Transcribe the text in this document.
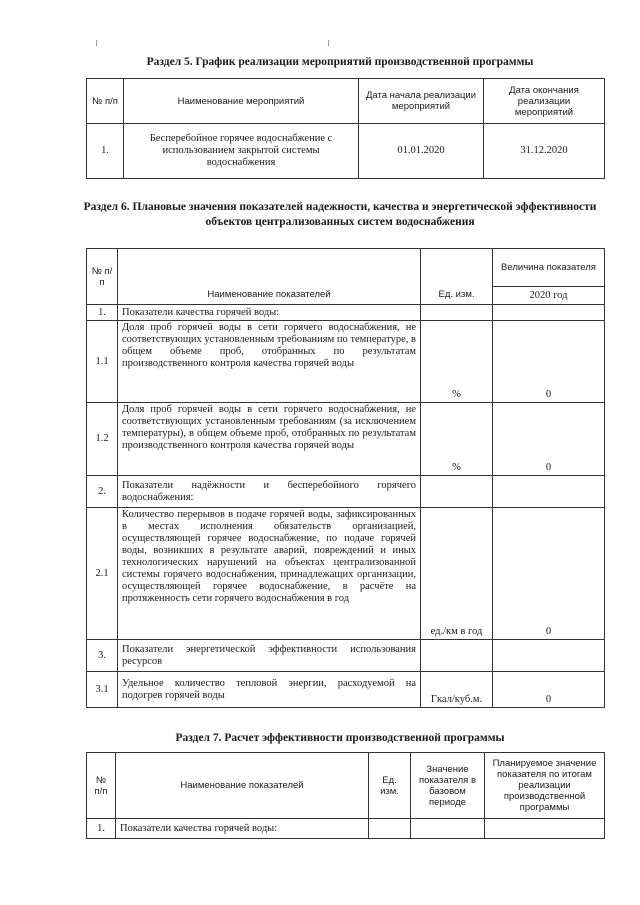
Раздел 5. График реализации мероприятий производственной программы
№ п/п	Наименование мероприятий	Дата начала реализации мероприятий	Дата окончания реализации мероприятий
1.	Бесперебойное горячее водоснабжение с использованием закрытой системы водоснабжения	01.01.2020	31.12.2020
Раздел 6. Плановые значения показателей надежности, качества и энергетической эффективности объектов централизованных систем водоснабжения
№ п/п	Наименование показателей	Ед. изм.	Величина показателя
			2020 год
1.	Показатели качества горячей воды:		
1.1	Доля проб горячей воды в сети горячего водоснабжения, не соответствующих установленным требованиям по температуре, в общем объеме проб, отобранных по результатам производственного контроля качества горячей воды	%	0
1.2	Доля проб горячей воды в сети горячего водоснабжения, не соответствующих установленным требованиям (за исключением температуры), в общем объеме проб, отобранных по результатам производственного контроля качества горячей воды	%	0
2.	Показатели надёжности и бесперебойного горячего водоснабжения:		
2.1	Количество перерывов в подаче горячей воды, зафиксированных в местах исполнения обязательств организацией, осуществляющей горячее водоснабжение, по подаче горячей воды, возникших в результате аварий, повреждений и иных технологических нарушений на объектах централизованной системы горячего водоснабжения, принадлежащих организации, осуществляющей горячее водоснабжение, в расчёте на протяженность сети горячего водоснабжения в год	ед./км в год	0
3.	Показатели энергетической эффективности использования ресурсов		
3.1	Удельное количество тепловой энергии, расходуемой на подогрев горячей воды	Гкал/куб.м.	0
Раздел 7. Расчет эффективности производственной программы
№ п/п	Наименование показателей	Ед. изм.	Значение показателя в базовом периоде	Планируемое значение показателя по итогам реализации производственной программы
1.	Показатели качества горячей воды:			
